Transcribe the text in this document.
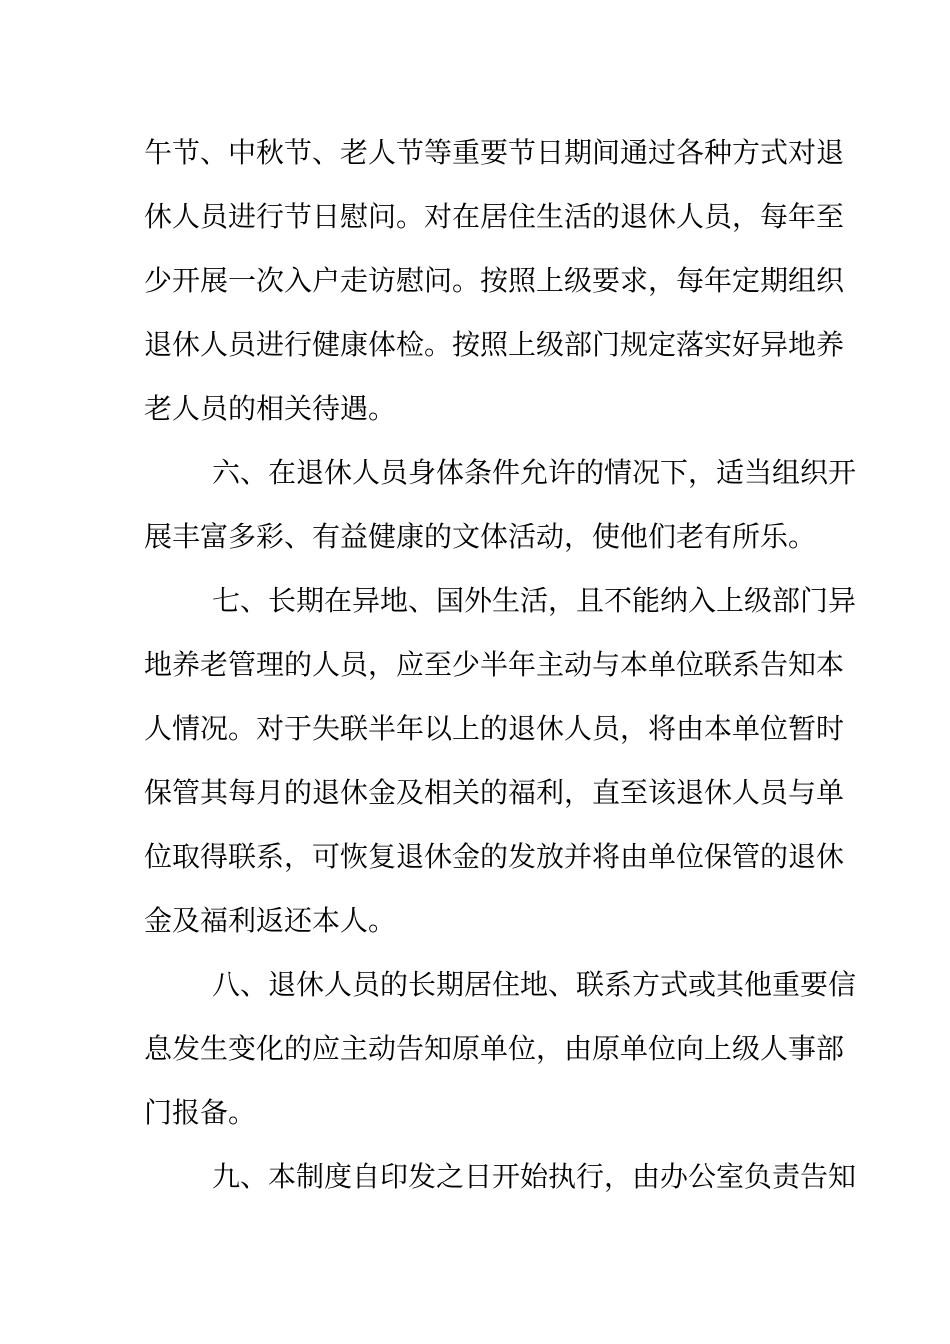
午节、中秋节、老人节等重要节日期间通过各种方式对退
休人员进行节日慰问。对在居住生活的退休人员，每年至
少开展一次入户走访慰问。按照上级要求，每年定期组织
退休人员进行健康体检。按照上级部门规定落实好异地养
老人员的相关待遇。
六、在退休人员身体条件允许的情况下，适当组织开
展丰富多彩、有益健康的文体活动，使他们老有所乐。
七、长期在异地、国外生活，且不能纳入上级部门异
地养老管理的人员，应至少半年主动与本单位联系告知本
人情况。对于失联半年以上的退休人员，将由本单位暂时
保管其每月的退休金及相关的福利，直至该退休人员与单
位取得联系，可恢复退休金的发放并将由单位保管的退休
金及福利返还本人。
八、退休人员的长期居住地、联系方式或其他重要信
息发生变化的应主动告知原单位，由原单位向上级人事部
门报备。
九、本制度自印发之日开始执行，由办公室负责告知
